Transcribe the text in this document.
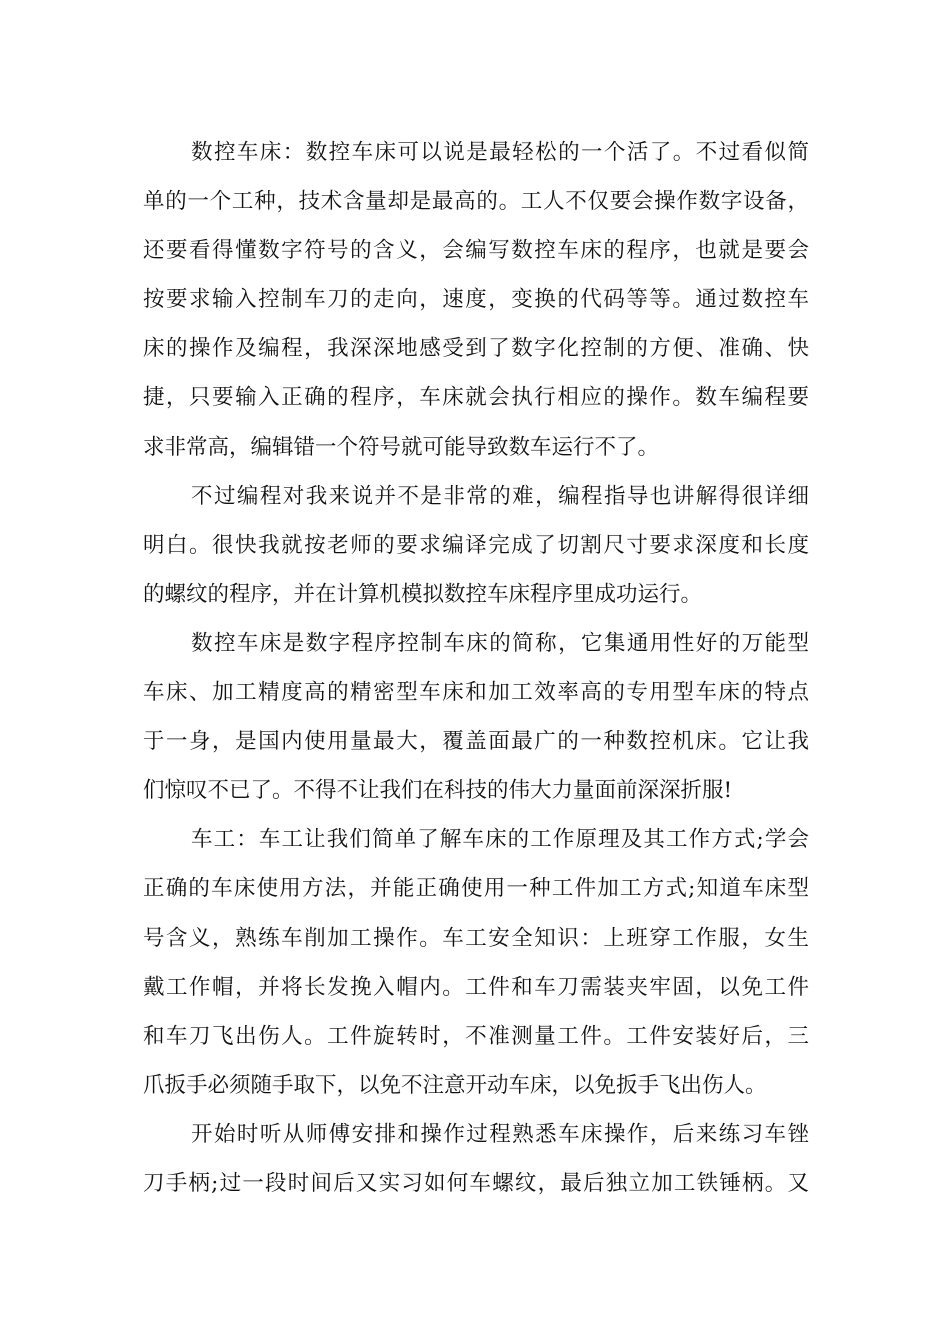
数控车床：数控车床可以说是最轻松的一个活了。不过看似简
单的一个工种，技术含量却是最高的。工人不仅要会操作数字设备，
还要看得懂数字符号的含义，会编写数控车床的程序，也就是要会
按要求输入控制车刀的走向，速度，变换的代码等等。通过数控车
床的操作及编程，我深深地感受到了数字化控制的方便、准确、快
捷，只要输入正确的程序，车床就会执行相应的操作。数车编程要
求非常高，编辑错一个符号就可能导致数车运行不了。
不过编程对我来说并不是非常的难，编程指导也讲解得很详细
明白。很快我就按老师的要求编译完成了切割尺寸要求深度和长度
的螺纹的程序，并在计算机模拟数控车床程序里成功运行。
数控车床是数字程序控制车床的简称，它集通用性好的万能型
车床、加工精度高的精密型车床和加工效率高的专用型车床的特点
于一身，是国内使用量最大，覆盖面最广的一种数控机床。它让我
们惊叹不已了。不得不让我们在科技的伟大力量面前深深折服!
车工：车工让我们简单了解车床的工作原理及其工作方式;学会
正确的车床使用方法，并能正确使用一种工件加工方式;知道车床型
号含义，熟练车削加工操作。车工安全知识：上班穿工作服，女生
戴工作帽，并将长发挽入帽内。工件和车刀需装夹牢固，以免工件
和车刀飞出伤人。工件旋转时，不准测量工件。工件安装好后，三
爪扳手必须随手取下，以免不注意开动车床，以免扳手飞出伤人。
开始时听从师傅安排和操作过程熟悉车床操作，后来练习车锉
刀手柄;过一段时间后又实习如何车螺纹，最后独立加工铁锤柄。又
